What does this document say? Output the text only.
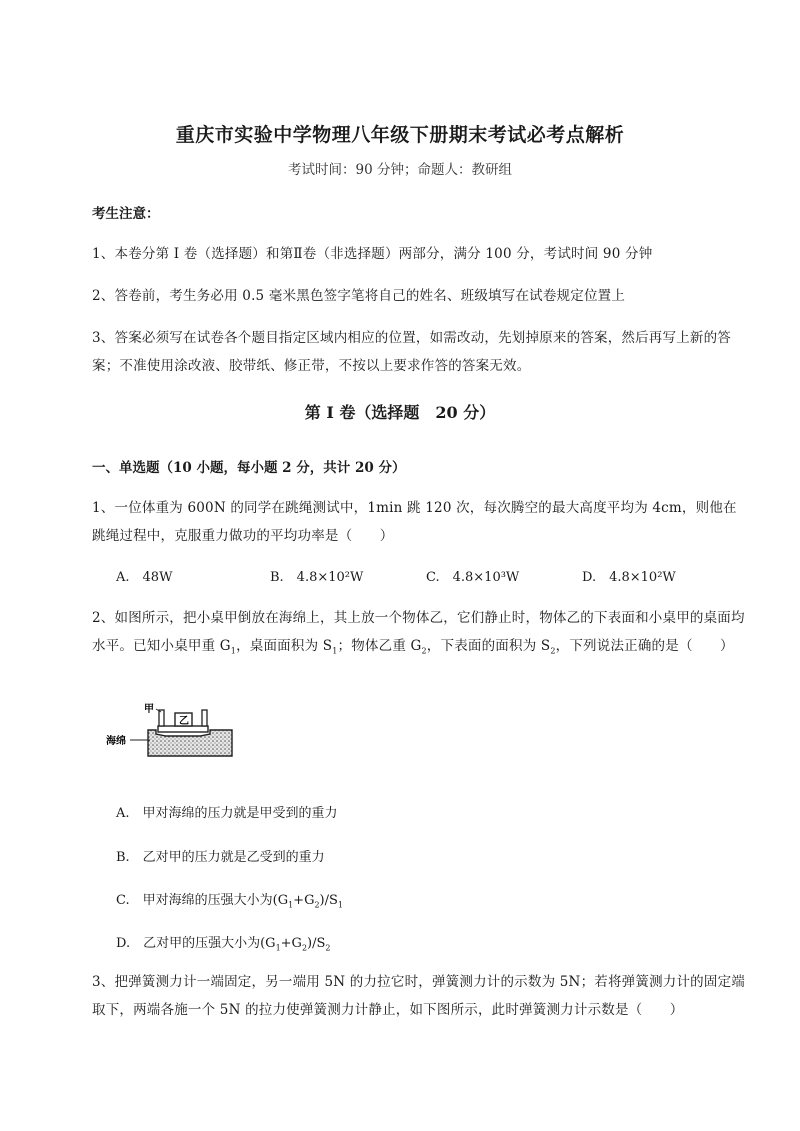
重庆市实验中学物理八年级下册期末考试必考点解析
考试时间：90 分钟；命题人：教研组
考生注意：
1、本卷分第 I 卷（选择题）和第Ⅱ卷（非选择题）两部分，满分 100 分，考试时间 90 分钟
2、答卷前，考生务必用 0.5 毫米黑色签字笔将自己的姓名、班级填写在试卷规定位置上
3、答案必须写在试卷各个题目指定区域内相应的位置，如需改动，先划掉原来的答案，然后再写上新的答案；不准使用涂改液、胶带纸、修正带，不按以上要求作答的答案无效。
第 I 卷（选择题　20 分）
一、单选题（10 小题，每小题 2 分，共计 20 分）
1、一位体重为 600N 的同学在跳绳测试中，1min 跳 120 次，每次腾空的最大高度平均为 4cm，则他在跳绳过程中，克服重力做功的平均功率是（　　）
A.　48W	B.　4.8×10²W	C.　4.8×10³W	D.　4.8×10²W
2、如图所示，把小桌甲倒放在海绵上，其上放一个物体乙，它们静止时，物体乙的下表面和小桌甲的桌面均水平。已知小桌甲重 $G_1$，桌面面积为 $S_1$；物体乙重 $G_2$，下表面的面积为 $S_2$，下列说法正确的是（　　）
甲
乙
海绵
A.　甲对海绵的压力就是甲受到的重力
B.　乙对甲的压力就是乙受到的重力
C.　甲对海绵的压强大小为$(G_1+G_2)/S_1$
D.　乙对甲的压强大小为$(G_1+G_2)/S_2$
3、把弹簧测力计一端固定，另一端用 5N 的力拉它时，弹簧测力计的示数为 5N；若将弹簧测力计的固定端取下，两端各施一个 5N 的拉力使弹簧测力计静止，如下图所示，此时弹簧测力计示数是（　　）
